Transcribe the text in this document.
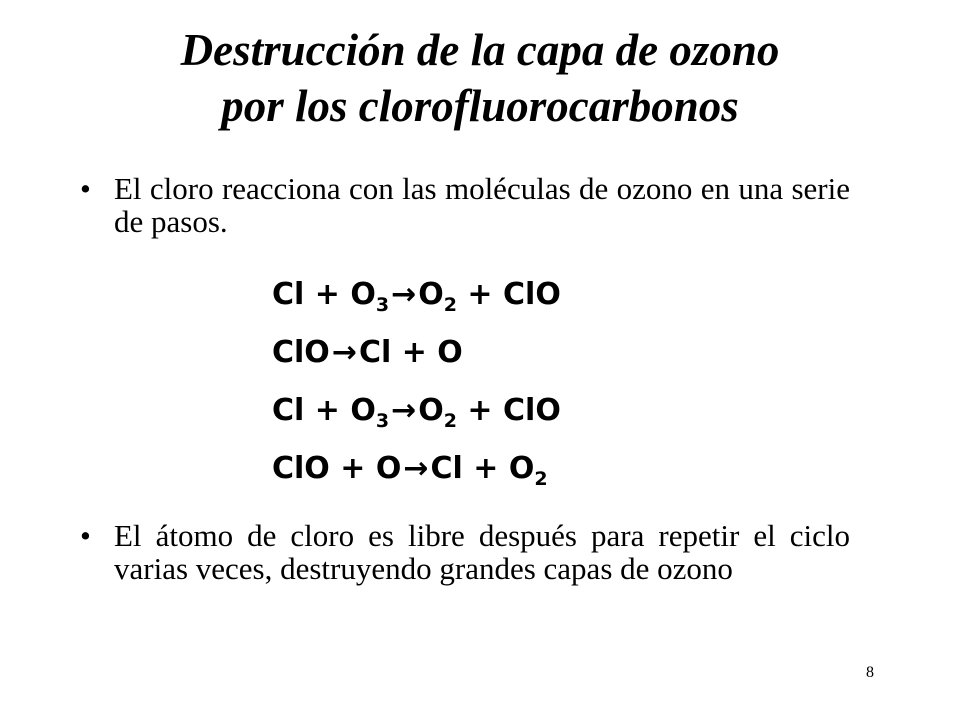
Destrucción de la capa de ozono
por los clorofluorocarbonos
• El cloro reacciona con las moléculas de ozono en una serie de pasos.
Cl + O3→O2 + ClO
ClO→Cl + O
Cl + O3→O2 + ClO
ClO + O→Cl + O2
• El átomo de cloro es libre después para repetir el ciclo varias veces, destruyendo grandes capas de ozono
8
